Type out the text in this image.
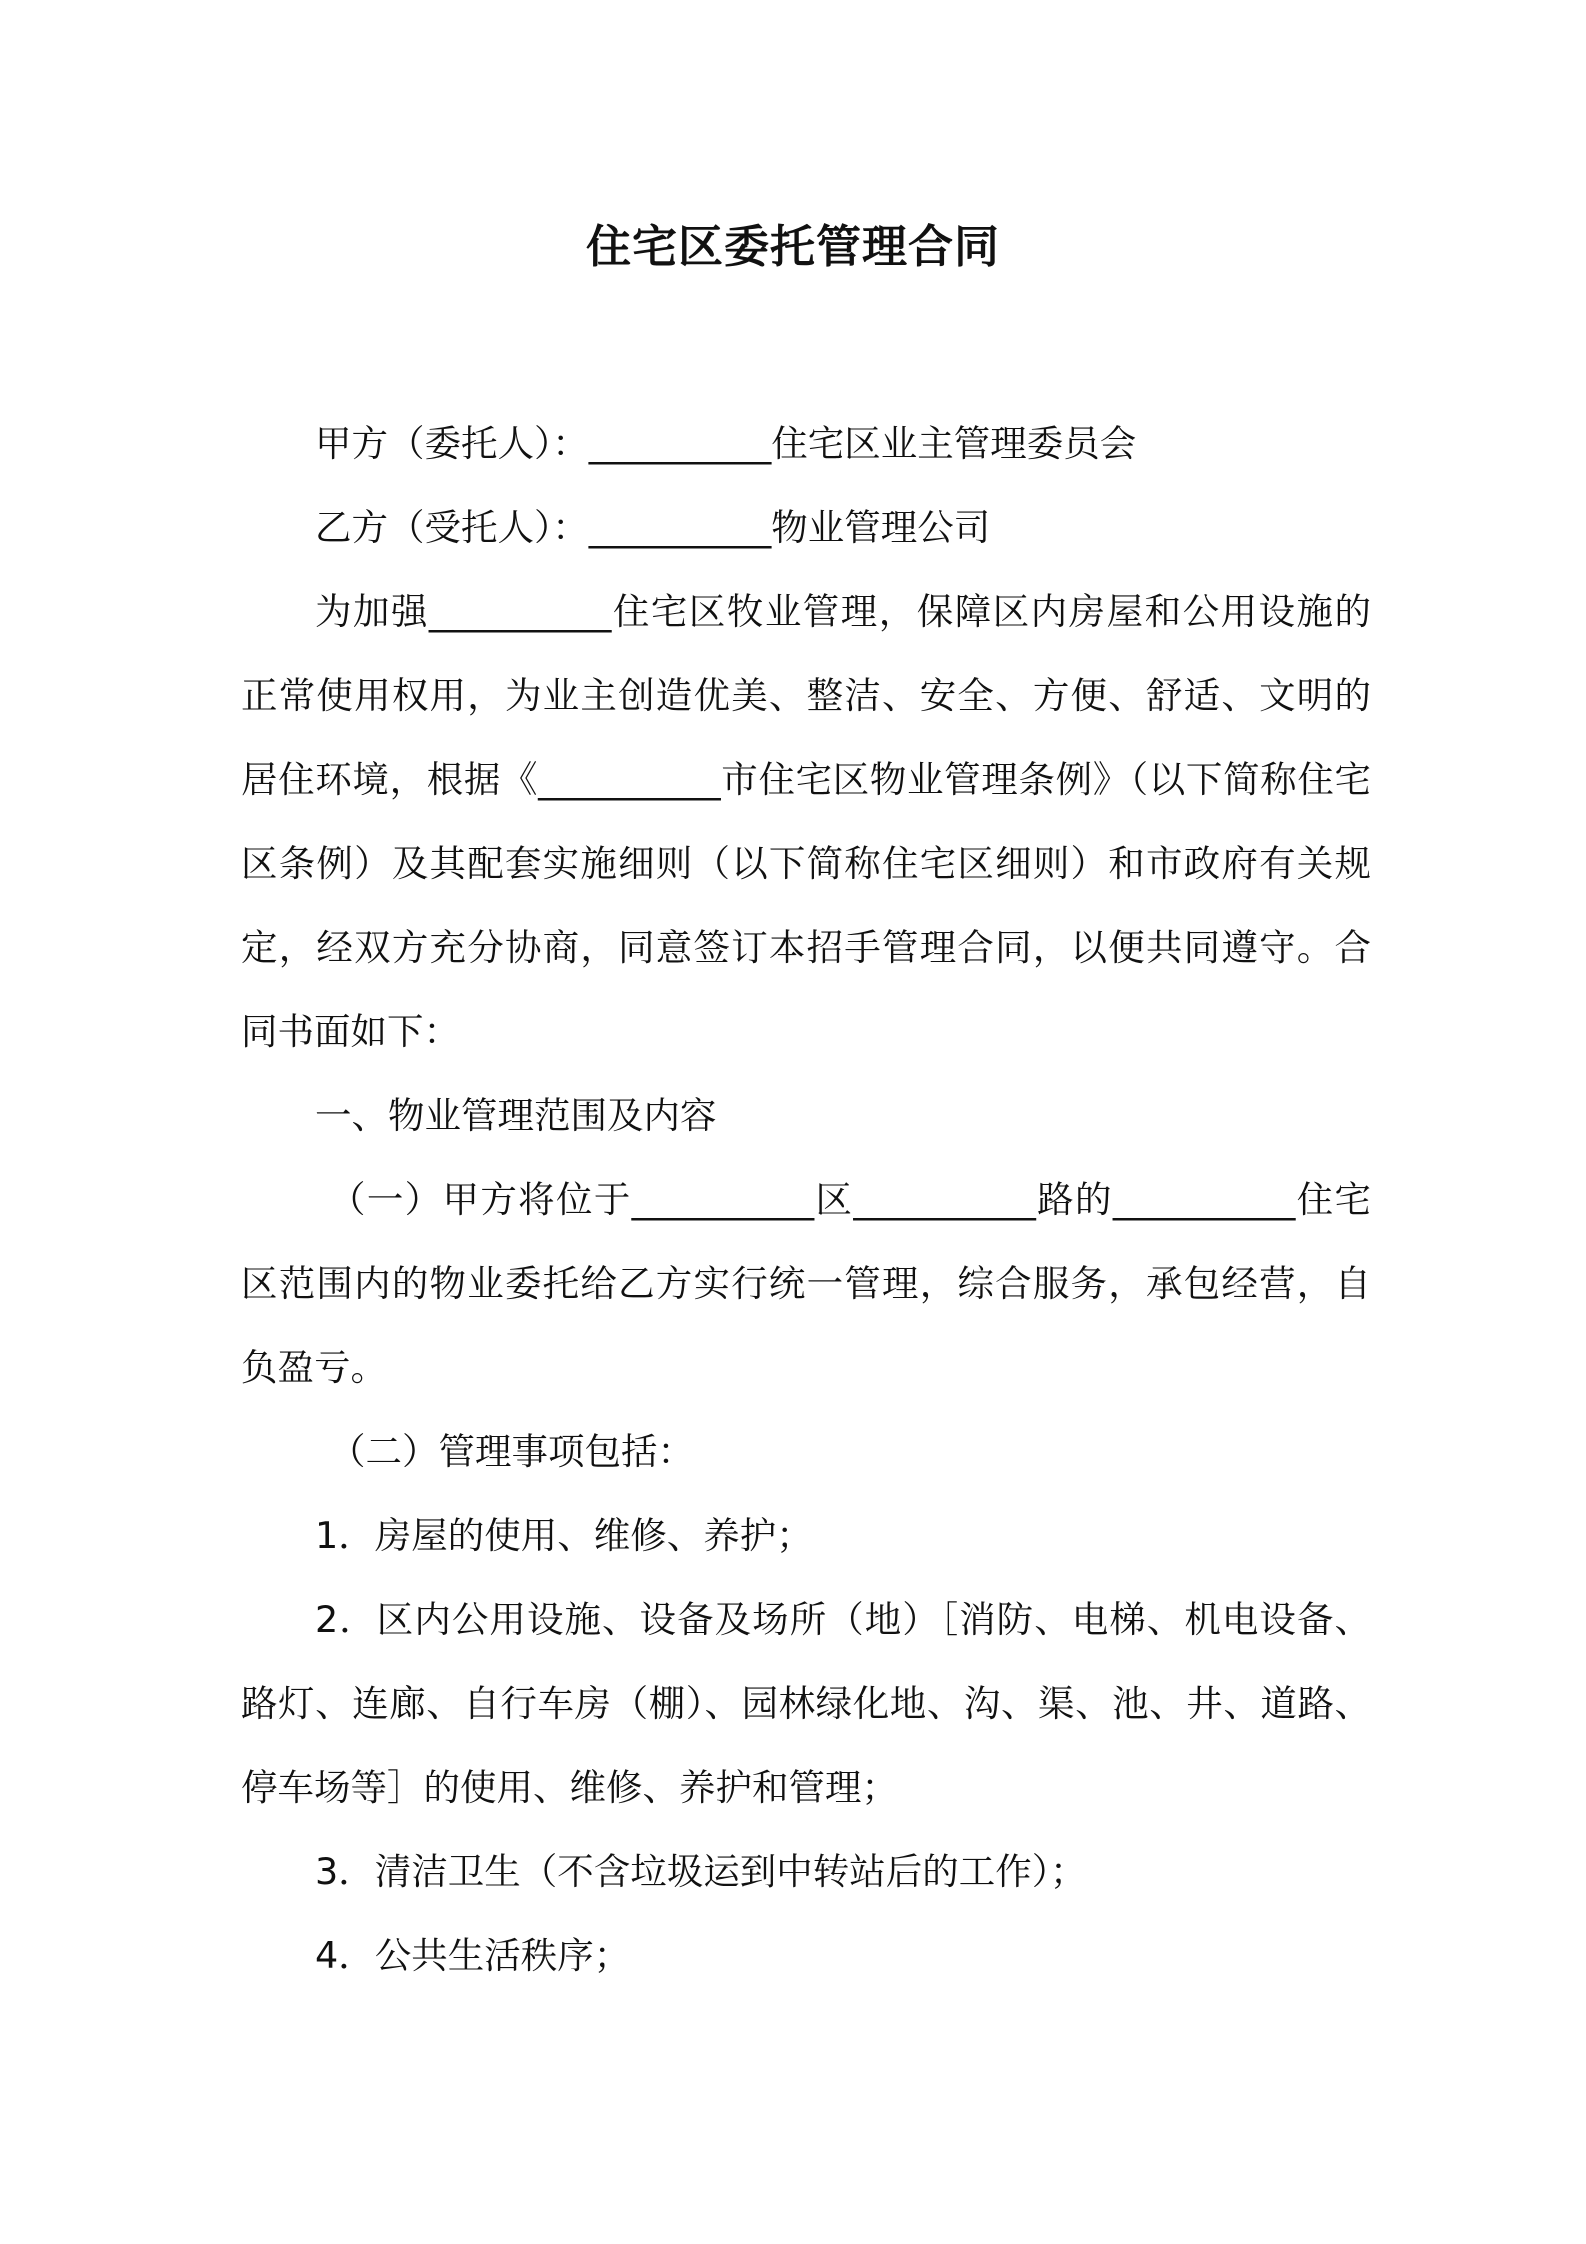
住宅区委托管理合同

甲方（委托人）：__________住宅区业主管理委员会

乙方（受托人）：__________物业管理公司

为加强__________住宅区牧业管理，保障区内房屋和公用设施的正常使用权用，为业主创造优美、整洁、安全、方便、舒适、文明的居住环境，根据《__________市住宅区物业管理条例》（以下简称住宅区条例）及其配套实施细则（以下简称住宅区细则）和市政府有关规定，经双方充分协商，同意签订本招手管理合同，以便共同遵守。合同书面如下：

一、物业管理范围及内容

（一）甲方将位于__________区__________路的__________住宅区范围内的物业委托给乙方实行统一管理，综合服务，承包经营，自负盈亏。

（二）管理事项包括：

1．房屋的使用、维修、养护；

2．区内公用设施、设备及场所（地）［消防、电梯、机电设备、路灯、连廊、自行车房（棚）、园林绿化地、沟、渠、池、井、道路、停车场等］的使用、维修、养护和管理；

3．清洁卫生（不含垃圾运到中转站后的工作）；

4．公共生活秩序；
